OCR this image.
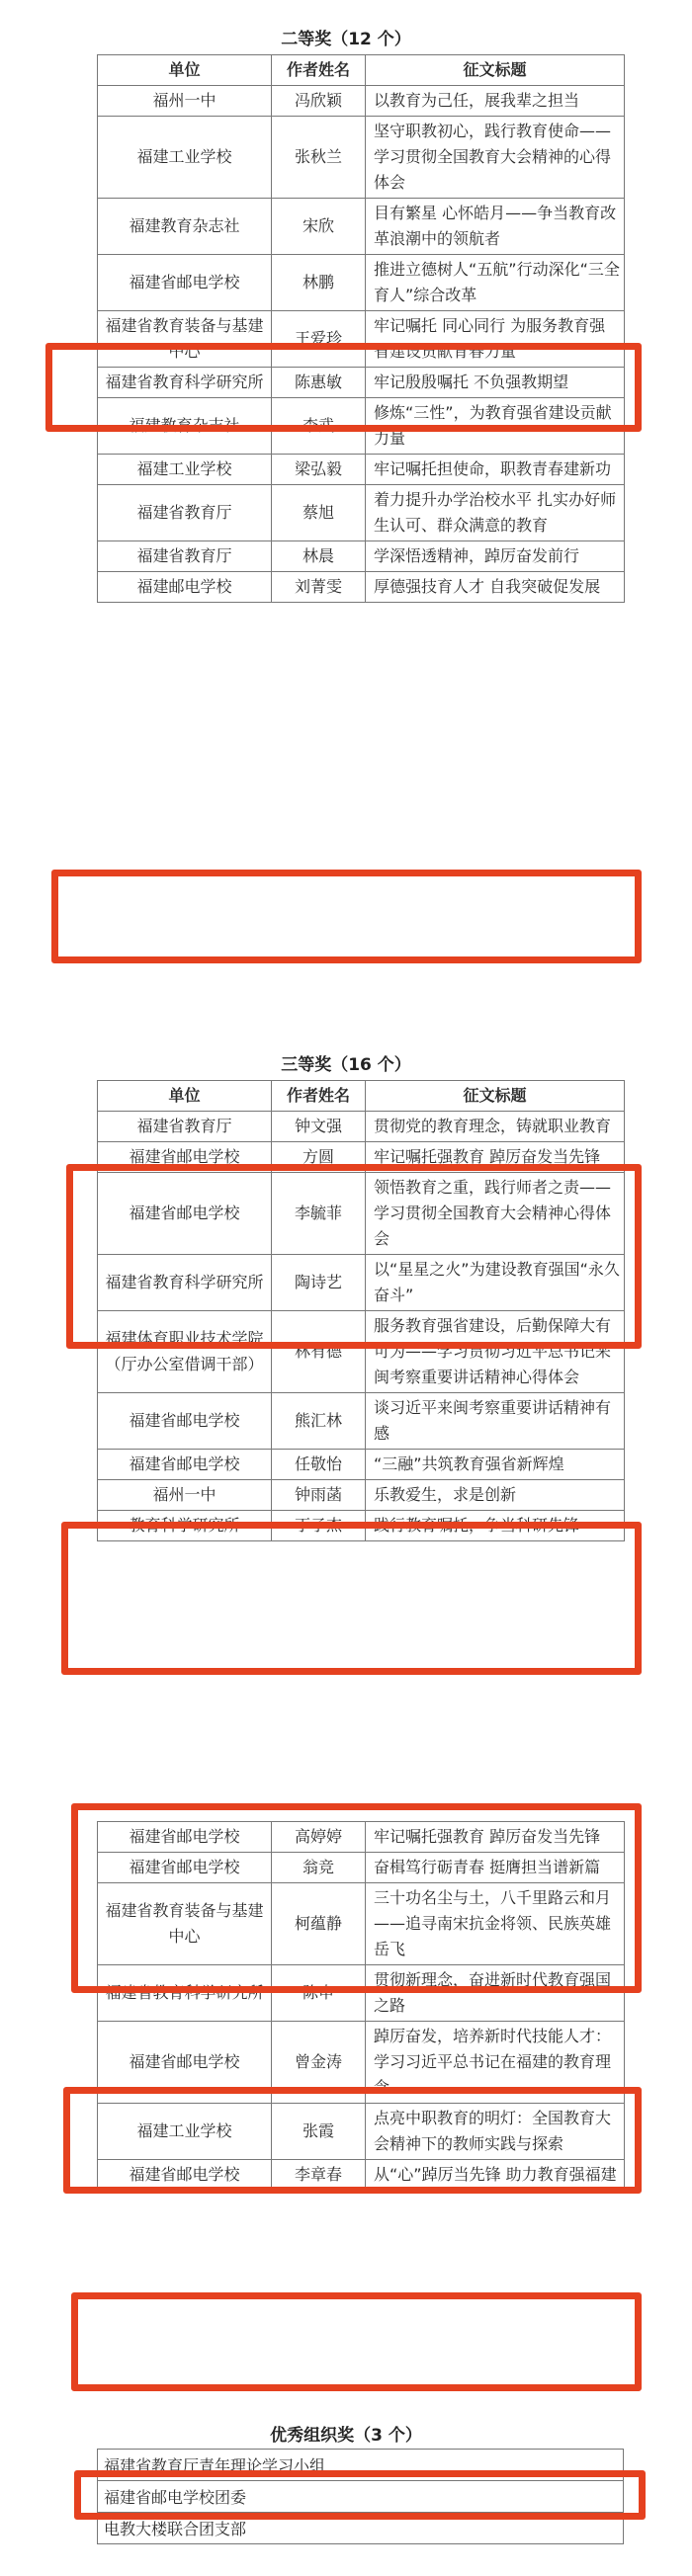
二等奖（12 个）
单位	作者姓名	征文标题
福州一中	冯欣颖	以教育为己任，展我辈之担当
福建工业学校	张秋兰	坚守职教初心，践行教育使命——学习贯彻全国教育大会精神的心得体会
福建教育杂志社	宋欣	目有繁星 心怀皓月——争当教育改革浪潮中的领航者
福建省邮电学校	林鹏	推进立德树人“五航”行动深化“三全育人”综合改革
福建省教育装备与基建中心	王爱珍	牢记嘱托 同心同行 为服务教育强省建设贡献青春力量
福建省教育科学研究所	陈惠敏	牢记殷殷嘱托 不负强教期望
福建教育杂志社	李武	修炼“三性”，为教育强省建设贡献力量
福建工业学校	梁弘毅	牢记嘱托担使命，职教青春建新功
福建省教育厅	蔡旭	着力提升办学治校水平 扎实办好师生认可、群众满意的教育
福建省教育厅	林晨	学深悟透精神，踔厉奋发前行
福建邮电学校	刘菁雯	厚德强技育人才 自我突破促发展
三等奖（16 个）
单位	作者姓名	征文标题
福建省教育厅	钟文强	贯彻党的教育理念，铸就职业教育
福建省邮电学校	方圆	牢记嘱托强教育 踔厉奋发当先锋
福建省邮电学校	李毓菲	领悟教育之重，践行师者之责——学习贯彻全国教育大会精神心得体会
福建省教育科学研究所	陶诗艺	以“星星之火”为建设教育强国“永久奋斗”
福建体育职业技术学院（厅办公室借调干部）	林有德	服务教育强省建设，后勤保障大有可为——学习贯彻习近平总书记来闽考察重要讲话精神心得体会
福建省邮电学校	熊汇林	谈习近平来闽考察重要讲话精神有感
福建省邮电学校	任敬怡	“三融”共筑教育强省新辉煌
福州一中	钟雨菡	乐教爱生，求是创新
教育科学研究所	丁子杰	践行教育嘱托，争当科研先锋
福建省邮电学校	高婷婷	牢记嘱托强教育 踔厉奋发当先锋
福建省邮电学校	翁竞	奋楫笃行砺青春 挺膺担当谱新篇
福建省教育装备与基建中心	柯蕴静	三十功名尘与土，八千里路云和月——追寻南宋抗金将领、民族英雄岳飞
福建省教育科学研究所	陈申	贯彻新理念，奋进新时代教育强国之路
福建省邮电学校	曾金涛	踔厉奋发，培养新时代技能人才：学习习近平总书记在福建的教育理念
福建工业学校	张霞	点亮中职教育的明灯：全国教育大会精神下的教师实践与探索
福建省邮电学校	李章春	从“心”踔厉当先锋 助力教育强福建
优秀组织奖（3 个）
福建省教育厅青年理论学习小组
福建省邮电学校团委
电教大楼联合团支部
